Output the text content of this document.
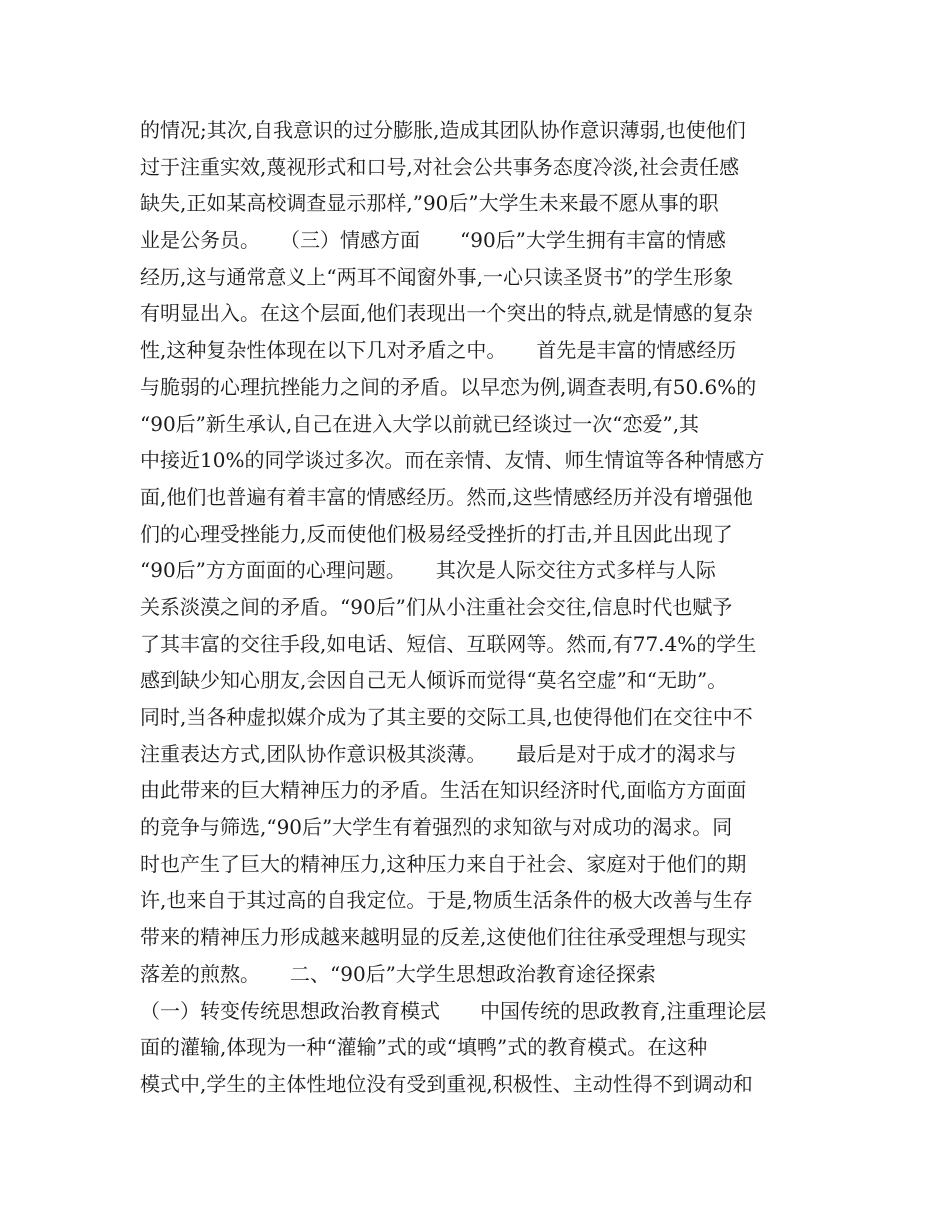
的情况;其次,自我意识的过分膨胀,造成其团队协作意识薄弱,也使他们
过于注重实效,蔑视形式和口号,对社会公共事务态度冷淡,社会责任感
缺失,正如某高校调查显示那样,”90后”大学生未来最不愿从事的职
业是公务员。　　（三）情感方面　　“90后”大学生拥有丰富的情感
经历,这与通常意义上“两耳不闻窗外事,一心只读圣贤书”的学生形象
有明显出入。在这个层面,他们表现出一个突出的特点,就是情感的复杂
性,这种复杂性体现在以下几对矛盾之中。　　首先是丰富的情感经历
与脆弱的心理抗挫能力之间的矛盾。以早恋为例,调查表明,有50.6%的
“90后”新生承认,自己在进入大学以前就已经谈过一次“恋爱”,其
中接近10%的同学谈过多次。而在亲情、友情、师生情谊等各种情感方
面,他们也普遍有着丰富的情感经历。然而,这些情感经历并没有增强他
们的心理受挫能力,反而使他们极易经受挫折的打击,并且因此出现了
“90后”方方面面的心理问题。　　其次是人际交往方式多样与人际
关系淡漠之间的矛盾。“90后”们从小注重社会交往,信息时代也赋予
了其丰富的交往手段,如电话、短信、互联网等。然而,有77.4%的学生
感到缺少知心朋友,会因自己无人倾诉而觉得“莫名空虚”和“无助”。
同时,当各种虚拟媒介成为了其主要的交际工具,也使得他们在交往中不
注重表达方式,团队协作意识极其淡薄。　　最后是对于成才的渴求与
由此带来的巨大精神压力的矛盾。生活在知识经济时代,面临方方面面
的竞争与筛选,“90后”大学生有着强烈的求知欲与对成功的渴求。同
时也产生了巨大的精神压力,这种压力来自于社会、家庭对于他们的期
许,也来自于其过高的自我定位。于是,物质生活条件的极大改善与生存
带来的精神压力形成越来越明显的反差,这使他们往往承受理想与现实
落差的煎熬。　　二、“90后”大学生思想政治教育途径探索
（一）转变传统思想政治教育模式　　中国传统的思政教育,注重理论层
面的灌输,体现为一种“灌输”式的或“填鸭”式的教育模式。在这种
模式中,学生的主体性地位没有受到重视,积极性、主动性得不到调动和
